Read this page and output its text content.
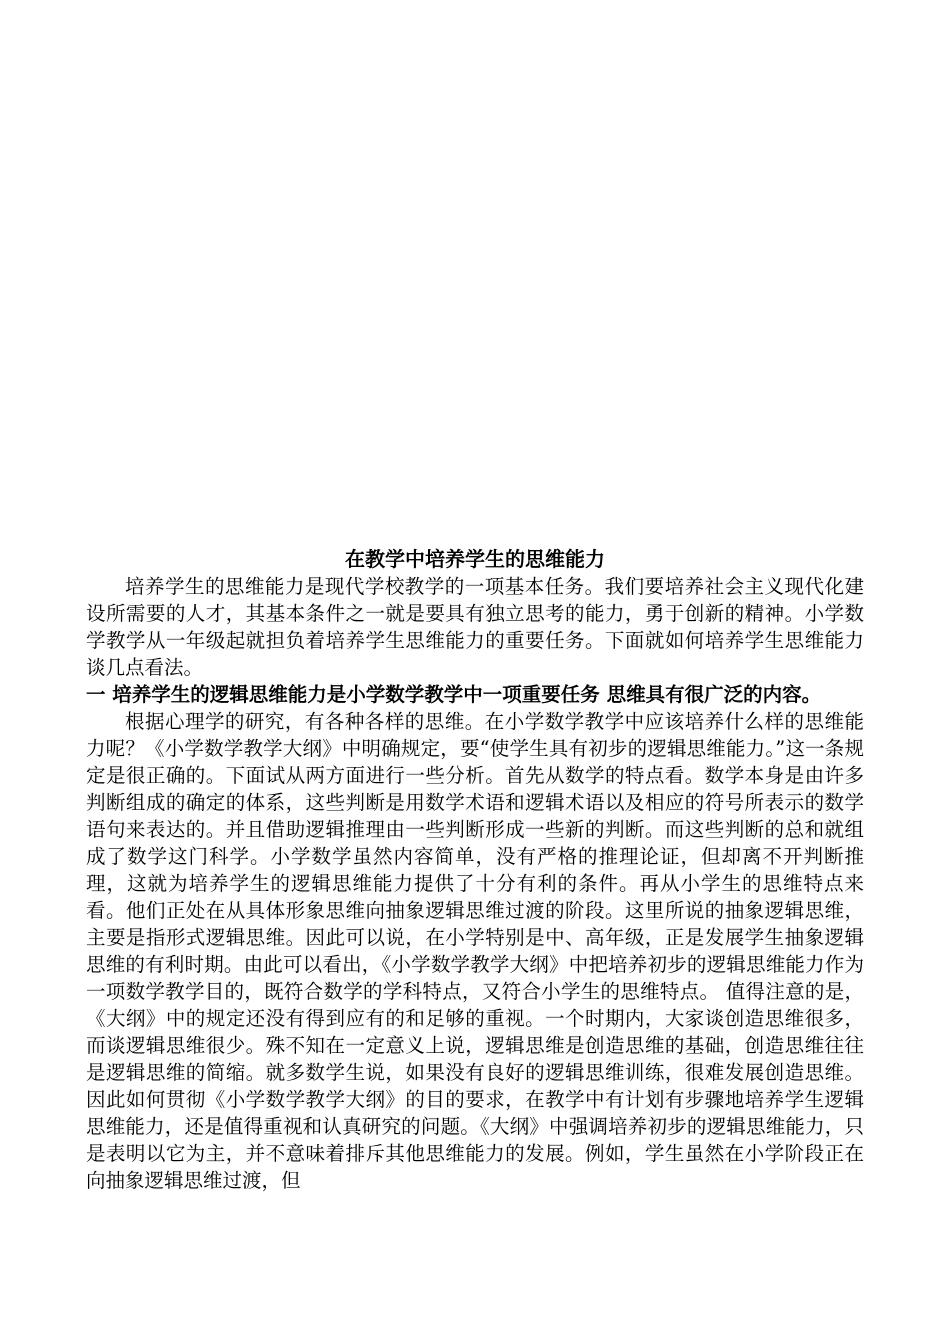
在教学中培养学生的思维能力

培养学生的思维能力是现代学校教学的一项基本任务。我们要培养社会主义现代化建设所需要的人才，其基本条件之一就是要具有独立思考的能力，勇于创新的精神。小学数学教学从一年级起就担负着培养学生思维能力的重要任务。下面就如何培养学生思维能力谈几点看法。

一 培养学生的逻辑思维能力是小学数学教学中一项重要任务 思维具有很广泛的内容。

根据心理学的研究，有各种各样的思维。在小学数学教学中应该培养什么样的思维能力呢？《小学数学教学大纲》中明确规定，要“使学生具有初步的逻辑思维能力。”这一条规定是很正确的。下面试从两方面进行一些分析。首先从数学的特点看。数学本身是由许多判断组成的确定的体系，这些判断是用数学术语和逻辑术语以及相应的符号所表示的数学语句来表达的。并且借助逻辑推理由一些判断形成一些新的判断。而这些判断的总和就组成了数学这门科学。小学数学虽然内容简单，没有严格的推理论证，但却离不开判断推理，这就为培养学生的逻辑思维能力提供了十分有利的条件。再从小学生的思维特点来看。他们正处在从具体形象思维向抽象逻辑思维过渡的阶段。这里所说的抽象逻辑思维，主要是指形式逻辑思维。因此可以说，在小学特别是中、高年级，正是发展学生抽象逻辑思维的有利时期。由此可以看出，《小学数学教学大纲》中把培养初步的逻辑思维能力作为一项数学教学目的，既符合数学的学科特点，又符合小学生的思维特点。 值得注意的是，《大纲》中的规定还没有得到应有的和足够的重视。一个时期内，大家谈创造思维很多，而谈逻辑思维很少。殊不知在一定意义上说，逻辑思维是创造思维的基础，创造思维往往是逻辑思维的简缩。就多数学生说，如果没有良好的逻辑思维训练，很难发展创造思维。因此如何贯彻《小学数学教学大纲》的目的要求，在教学中有计划有步骤地培养学生逻辑思维能力，还是值得重视和认真研究的问题。《大纲》中强调培养初步的逻辑思维能力，只是表明以它为主，并不意味着排斥其他思维能力的发展。例如，学生虽然在小学阶段正在向抽象逻辑思维过渡，但
